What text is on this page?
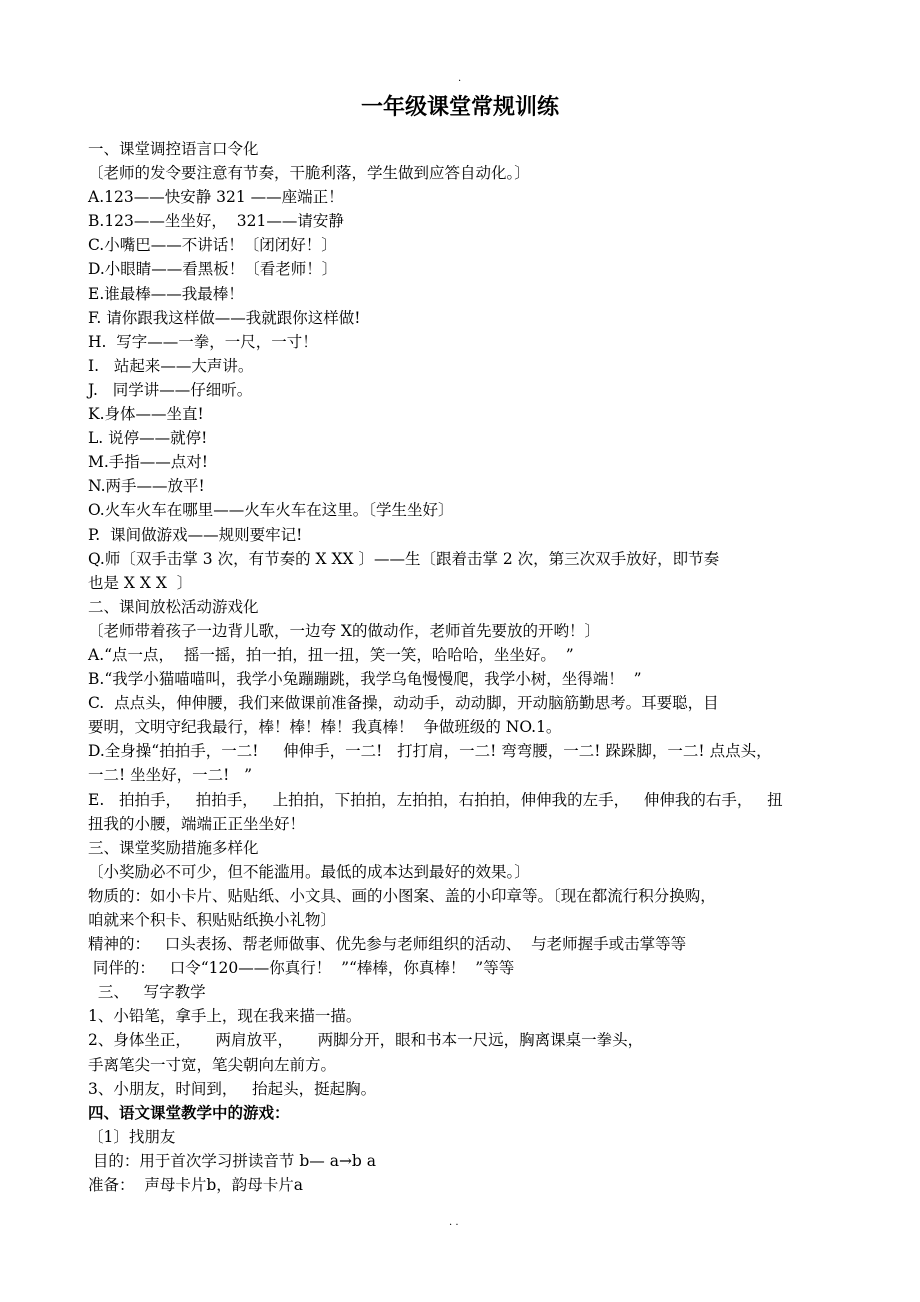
.
一年级课堂常规训练
一、课堂调控语言口令化
〔老师的发令要注意有节奏，干脆利落，学生做到应答自动化。〕
A.123——快安静 321 ——座端正！
B.123——坐坐好，  321——请安静
C.小嘴巴——不讲话！〔闭闭好！〕
D.小眼睛——看黑板！〔看老师！〕
E.谁最棒——我最棒！
F. 请你跟我这样做——我就跟你这样做!
H.  写字——一拳，一尺，一寸！
I.   站起来——大声讲。
J.   同学讲——仔细听。
K.身体——坐直!
L. 说停——就停!
M.手指——点对!
N.两手——放平!
O.火车火车在哪里——火车火车在这里。〔学生坐好〕
P.  课间做游戏——规则要牢记!
Q.师〔双手击掌 3 次，有节奏的 X XX 〕——生〔跟着击掌 2 次，第三次双手放好，即节奏
也是 X X X  〕
二、课间放松活动游戏化
〔老师带着孩子一边背儿歌，一边夸 X的做动作，老师首先要放的开哟！〕
A.“点一点，  摇一摇，拍一拍，扭一扭，笑一笑，哈哈哈，坐坐好。  ”
B.“我学小猫喵喵叫，我学小兔蹦蹦跳，我学乌龟慢慢爬，我学小树，坐得端！  ”
C.  点点头，伸伸腰，我们来做课前准备操，动动手，动动脚，开动脑筋勤思考。耳要聪，目
要明，文明守纪我最行，棒！棒！棒！我真棒！  争做班级的 NO.1。
D.全身操“拍拍手，一二!     伸伸手，一二!   打打肩，一二! 弯弯腰，一二! 跺跺脚，一二! 点点头，
一二! 坐坐好，一二!   ”
E.   拍拍手，   拍拍手，   上拍拍，下拍拍，左拍拍，右拍拍，伸伸我的左手，   伸伸我的右手，   扭
扭我的小腰，端端正正坐坐好！
三、课堂奖励措施多样化
〔小奖励必不可少，但不能滥用。最低的成本达到最好的效果。〕
物质的：如小卡片、贴贴纸、小文具、画的小图案、盖的小印章等。〔现在都流行积分换购，
咱就来个积卡、积贴贴纸换小礼物〕
精神的：   口头表扬、帮老师做事、优先参与老师组织的活动、  与老师握手或击掌等等
同伴的：   口令“120——你真行！  ”“棒棒，你真棒！  ”等等
三、   写字教学
1、小铅笔，拿手上，现在我来描一描。
2、身体坐正，     两肩放平，     两脚分开，眼和书本一尺远，胸离课桌一拳头，
手离笔尖一寸宽，笔尖朝向左前方。
3、小朋友，时间到，   抬起头，挺起胸。
四、语文课堂教学中的游戏：
〔1〕找朋友
目的：用于首次学习拼读音节 b— a→b a
准备：  声母卡片b，韵母卡片a
. .
